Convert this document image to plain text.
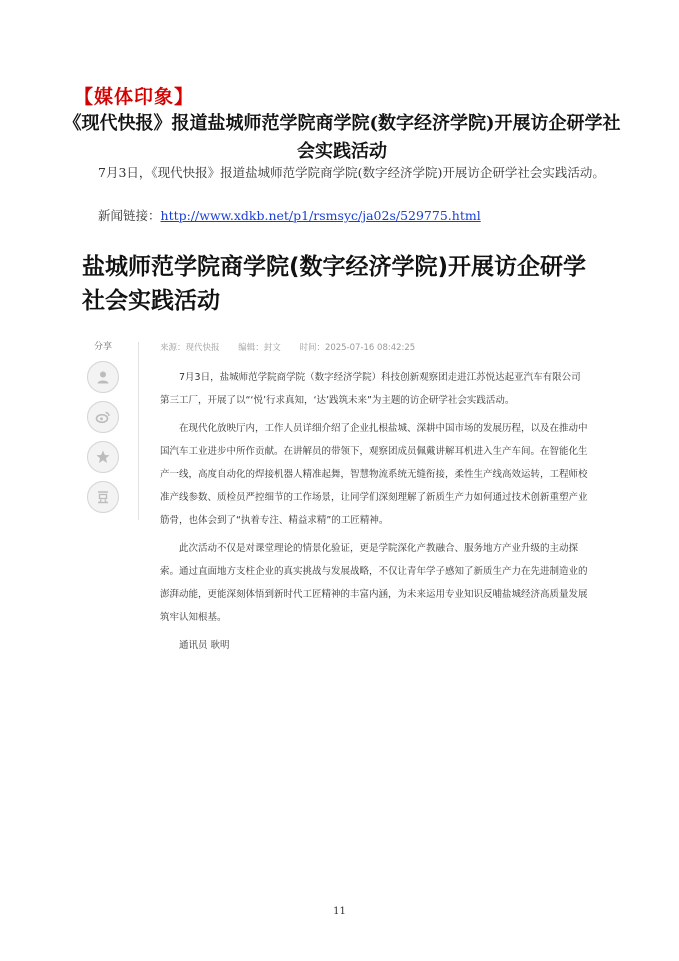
【媒体印象】
《现代快报》报道盐城师范学院商学院(数字经济学院)开展访企研学社会实践活动
7月3日，《现代快报》报道盐城师范学院商学院(数字经济学院)开展访企研学社会实践活动。
新闻链接：http://www.xdkb.net/p1/rsmsyc/ja02s/529775.html
盐城师范学院商学院(数字经济学院)开展访企研学社会实践活动
分享	来源：现代快报 编辑：封文 时间：2025-07-16 08:42:25

7月3日，盐城师范学院商学院（数字经济学院）科技创新观察团走进江苏悦达起亚汽车有限公司第三工厂，开展了以“‘悦’行求真知，‘达’践筑未来”为主题的访企研学社会实践活动。

在现代化放映厅内，工作人员详细介绍了企业扎根盐城、深耕中国市场的发展历程，以及在推动中国汽车工业进步中所作贡献。在讲解员的带领下，观察团成员佩戴讲解耳机进入生产车间。在智能化生产一线，高度自动化的焊接机器人精准起舞，智慧物流系统无缝衔接，柔性生产线高效运转，工程师校准产线参数、质检员严控细节的工作场景，让同学们深刻理解了新质生产力如何通过技术创新重塑产业筋骨，也体会到了“执着专注、精益求精”的工匠精神。

此次活动不仅是对课堂理论的情景化验证，更是学院深化产教融合、服务地方产业升级的主动探索。通过直面地方支柱企业的真实挑战与发展战略，不仅让青年学子感知了新质生产力在先进制造业的澎湃动能，更能深刻体悟到新时代工匠精神的丰富内涵，为未来运用专业知识反哺盐城经济高质量发展筑牢认知根基。

通讯员 耿明

11
